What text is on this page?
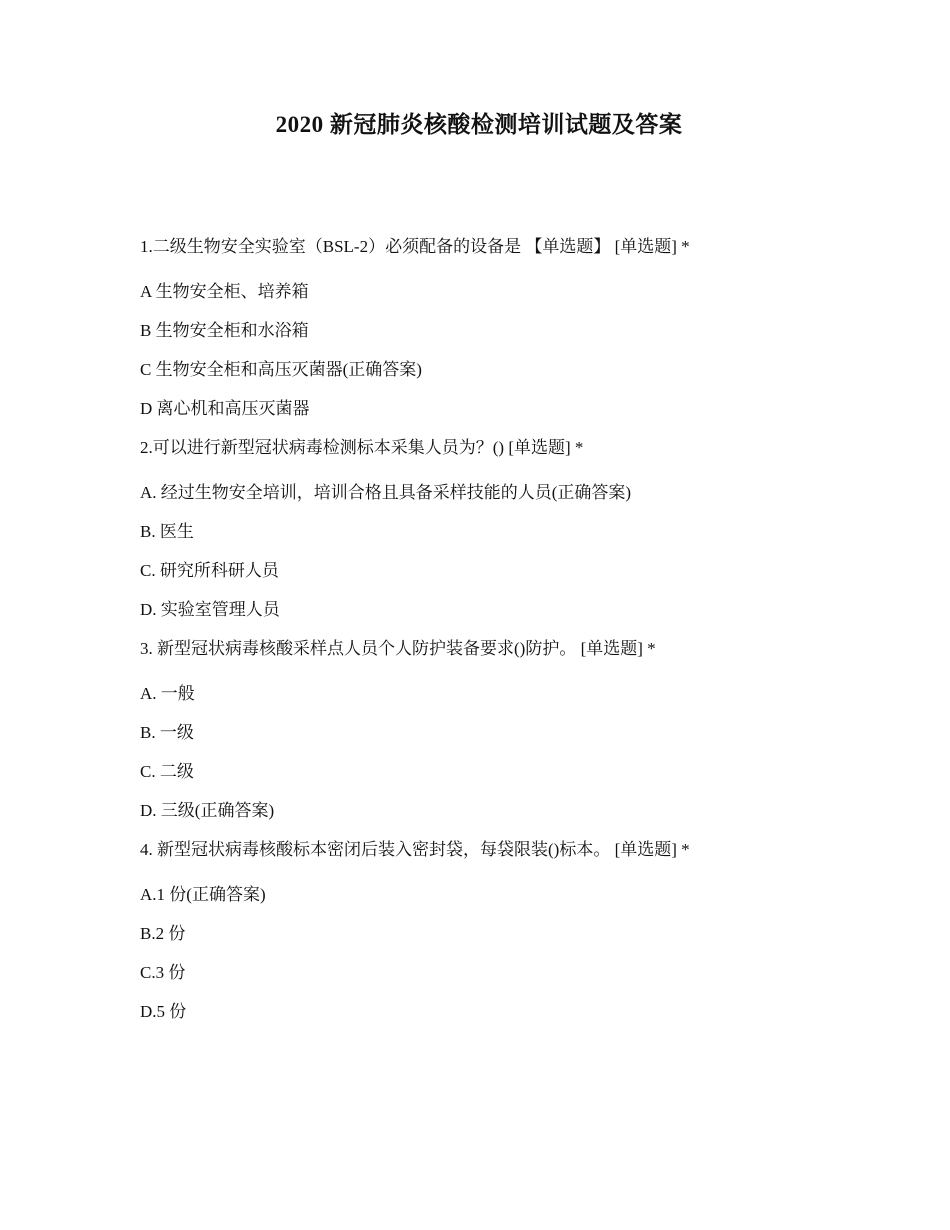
2020 新冠肺炎核酸检测培训试题及答案
1.二级生物安全实验室（BSL-2）必须配备的设备是 【单选题】 [单选题] *
A 生物安全柜、培养箱
B 生物安全柜和水浴箱
C 生物安全柜和高压灭菌器(正确答案)
D 离心机和高压灭菌器
2.可以进行新型冠状病毒检测标本采集人员为？() [单选题] *
A. 经过生物安全培训，培训合格且具备采样技能的人员(正确答案)
B. 医生
C. 研究所科研人员
D. 实验室管理人员
3. 新型冠状病毒核酸采样点人员个人防护装备要求()防护。 [单选题] *
A. 一般
B. 一级
C. 二级
D. 三级(正确答案)
4. 新型冠状病毒核酸标本密闭后装入密封袋，每袋限装()标本。 [单选题] *
A.1 份(正确答案)
B.2 份
C.3 份
D.5 份
